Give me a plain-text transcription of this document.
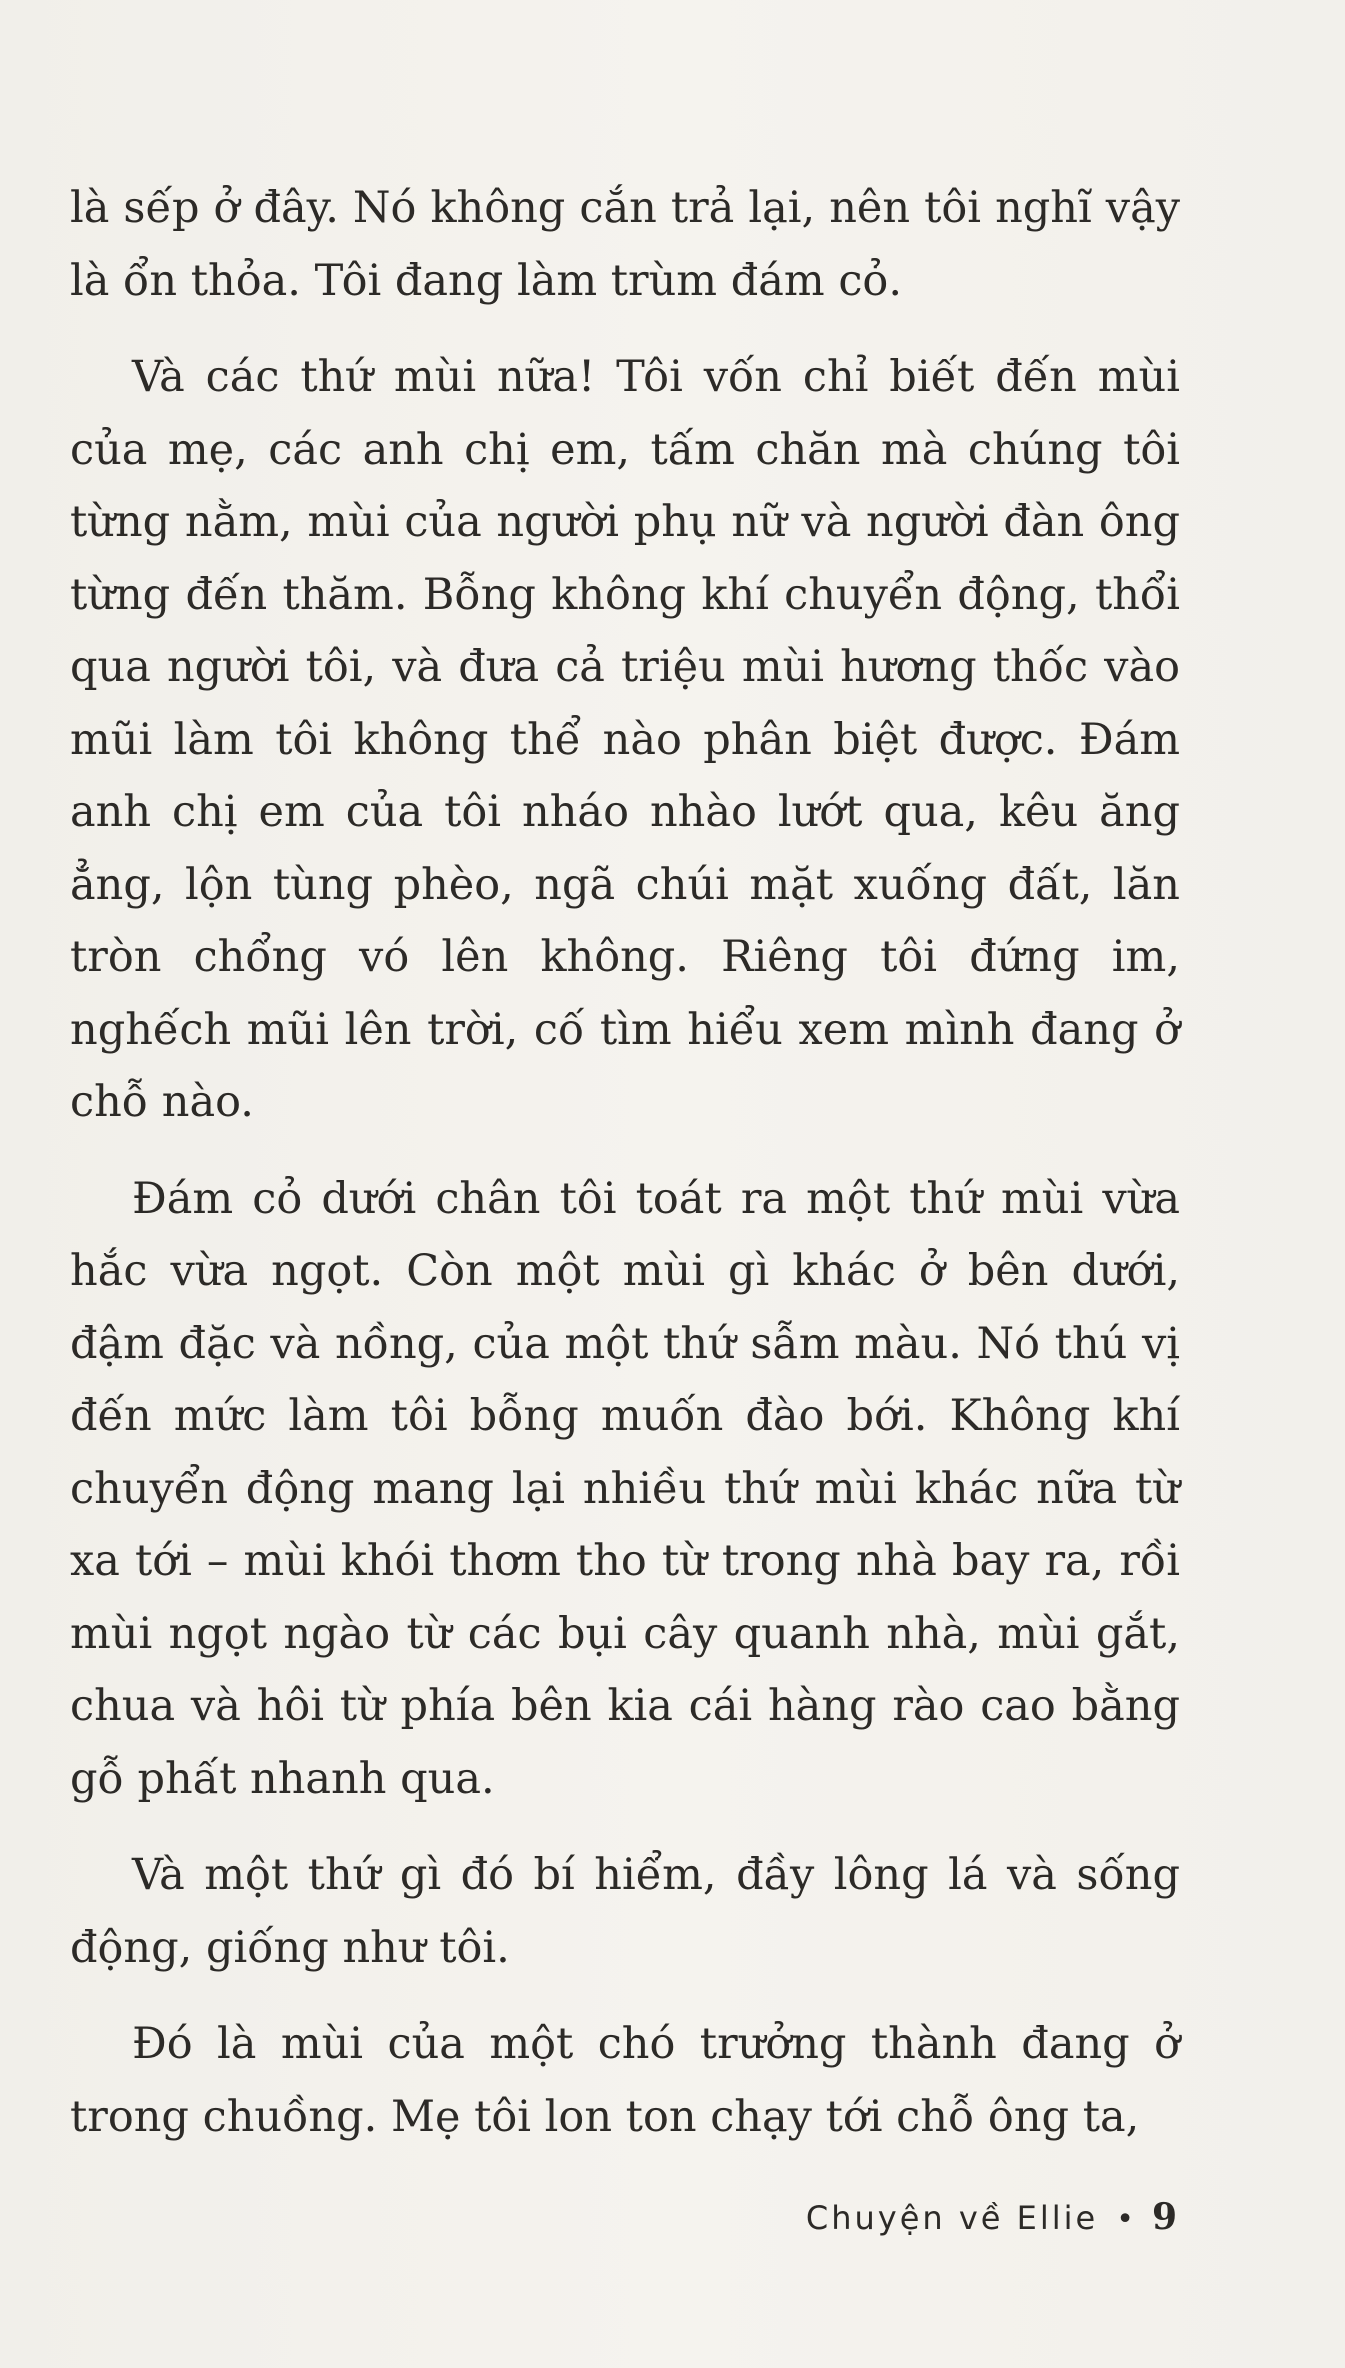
là sếp ở đây. Nó không cắn trả lại, nên tôi nghĩ vậy là ổn thỏa. Tôi đang làm trùm đám cỏ.

Và các thứ mùi nữa! Tôi vốn chỉ biết đến mùi của mẹ, các anh chị em, tấm chăn mà chúng tôi từng nằm, mùi của người phụ nữ và người đàn ông từng đến thăm. Bỗng không khí chuyển động, thổi qua người tôi, và đưa cả triệu mùi hương thốc vào mũi làm tôi không thể nào phân biệt được. Đám anh chị em của tôi nháo nhào lướt qua, kêu ăng ẳng, lộn tùng phèo, ngã chúi mặt xuống đất, lăn tròn chổng vó lên không. Riêng tôi đứng im, nghếch mũi lên trời, cố tìm hiểu xem mình đang ở chỗ nào.

Đám cỏ dưới chân tôi toát ra một thứ mùi vừa hắc vừa ngọt. Còn một mùi gì khác ở bên dưới, đậm đặc và nồng, của một thứ sẫm màu. Nó thú vị đến mức làm tôi bỗng muốn đào bới. Không khí chuyển động mang lại nhiều thứ mùi khác nữa từ xa tới – mùi khói thơm tho từ trong nhà bay ra, rồi mùi ngọt ngào từ các bụi cây quanh nhà, mùi gắt, chua và hôi từ phía bên kia cái hàng rào cao bằng gỗ phất nhanh qua.

Và một thứ gì đó bí hiểm, đầy lông lá và sống động, giống như tôi.

Đó là mùi của một chó trưởng thành đang ở trong chuồng. Mẹ tôi lon ton chạy tới chỗ ông ta,

Chuyện về Ellie • 9
